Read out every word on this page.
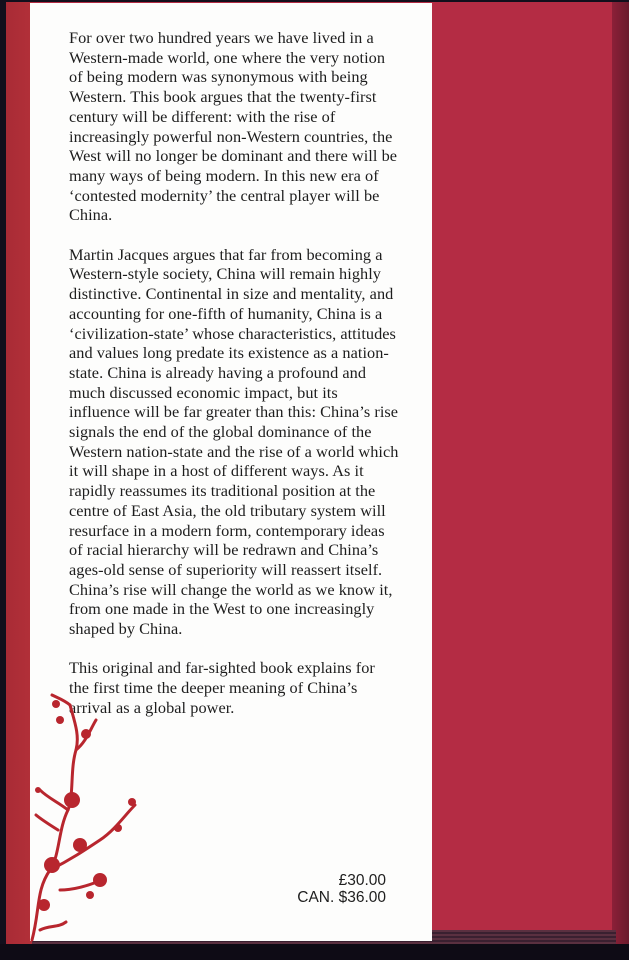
For over two hundred years we have lived in a Western-made world, one where the very notion of being modern was synonymous with being Western. This book argues that the twenty-first century will be different: with the rise of increasingly powerful non-Western countries, the West will no longer be dominant and there will be many ways of being modern. In this new era of ‘contested modernity’ the central player will be China.

Martin Jacques argues that far from becoming a Western-style society, China will remain highly distinctive. Continental in size and mentality, and accounting for one-fifth of humanity, China is a ‘civilization-state’ whose characteristics, attitudes and values long predate its existence as a nation-state. China is already having a profound and much discussed economic impact, but its influence will be far greater than this: China’s rise signals the end of the global dominance of the Western nation-state and the rise of a world which it will shape in a host of different ways. As it rapidly reassumes its traditional position at the centre of East Asia, the old tributary system will resurface in a modern form, contemporary ideas of racial hierarchy will be redrawn and China’s ages-old sense of superiority will reassert itself. China’s rise will change the world as we know it, from one made in the West to one increasingly shaped by China.

This original and far-sighted book explains for the first time the deeper meaning of China’s arrival as a global power.

£30.00
CAN. $36.00
